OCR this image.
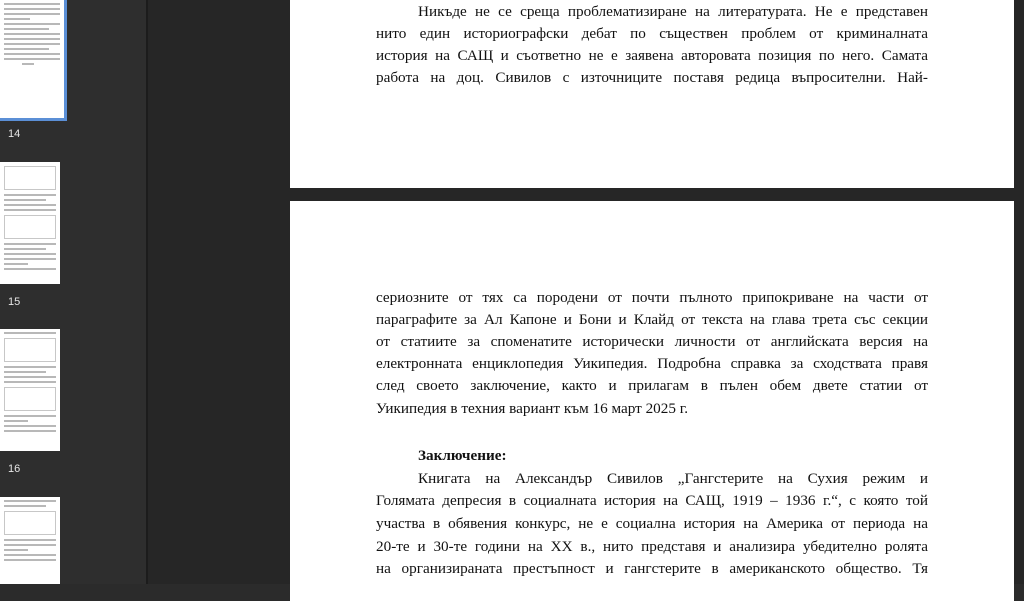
14
15
16
Никъде не се среща проблематизиране на литературата. Не е представен
нито един историографски дебат по съществен проблем от криминалната
история на САЩ и съответно не е заявена авторовата позиция по него. Самата
работа на доц. Сивилов с източниците поставя редица въпросителни. Най-
сериозните от тях са породени от почти пълното припокриване на части от
параграфите за Ал Капоне и Бони и Клайд от текста на глава трета със секции
от статиите за споменатите исторически личности от английската версия на
електронната енциклопедия Уикипедия. Подробна справка за сходствата правя
след своето заключение, както и прилагам в пълен обем двете статии от
Уикипедия в техния вариант към 16 март 2025 г.
Заключение:
Книгата на Александър Сивилов „Гангстерите на Сухия режим и
Голямата депресия в социалната история на САЩ, 1919 – 1936 г.“, с която той
участва в обявения конкурс, не е социална история на Америка от периода на
20-те и 30-те години на XX в., нито представя и анализира убедително ролята
на организираната престъпност и гангстерите в американското общество. Тя
